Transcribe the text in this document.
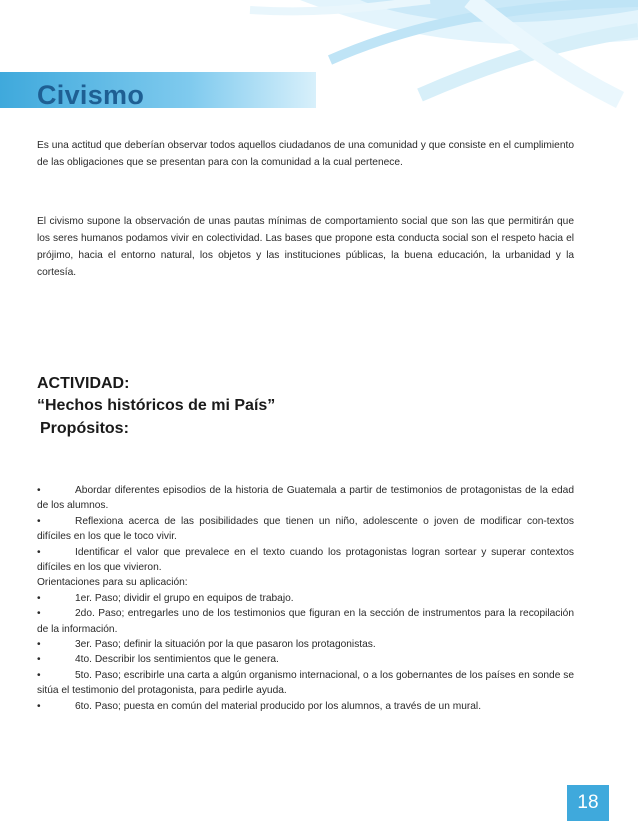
Civismo

Es una actitud que deberían observar todos aquellos ciudadanos de una comunidad y que consiste en el cumplimiento de las obligaciones que se presentan para con la comunidad a la cual pertenece.

El civismo supone la observación de unas pautas mínimas de comportamiento social que son las que permitirán que los seres humanos podamos vivir en colectividad. Las bases que propone esta conducta social son el respeto hacia el prójimo, hacia el entorno natural, los objetos y las instituciones públicas, la buena educación, la urbanidad y la cortesía.

ACTIVIDAD:
“Hechos históricos de mi País”
Propósitos:
•	Abordar diferentes episodios de la historia de Guatemala a partir de testimonios de protagonistas de la edad de los alumnos.
•	Reflexiona acerca de las posibilidades que tienen un niño, adolescente o joven de modificar con-textos difíciles en los que le toco vivir.
•	Identificar el valor que prevalece en el texto cuando los protagonistas logran sortear y superar contextos difíciles en los que vivieron.
Orientaciones para su aplicación:
•	1er. Paso; dividir el grupo en equipos de trabajo.
•	2do. Paso; entregarles uno de los testimonios que figuran en la sección de instrumentos para la recopilación de la información.
•	3er. Paso; definir la situación por la que pasaron los protagonistas.
•	4to. Describir los sentimientos que le genera.
•	5to. Paso; escribirle una carta a algún organismo internacional, o a los gobernantes de los países en sonde se sitúa el testimonio del protagonista, para pedirle ayuda.
•	6to. Paso; puesta en común del material producido por los alumnos, a través de un mural.
18
